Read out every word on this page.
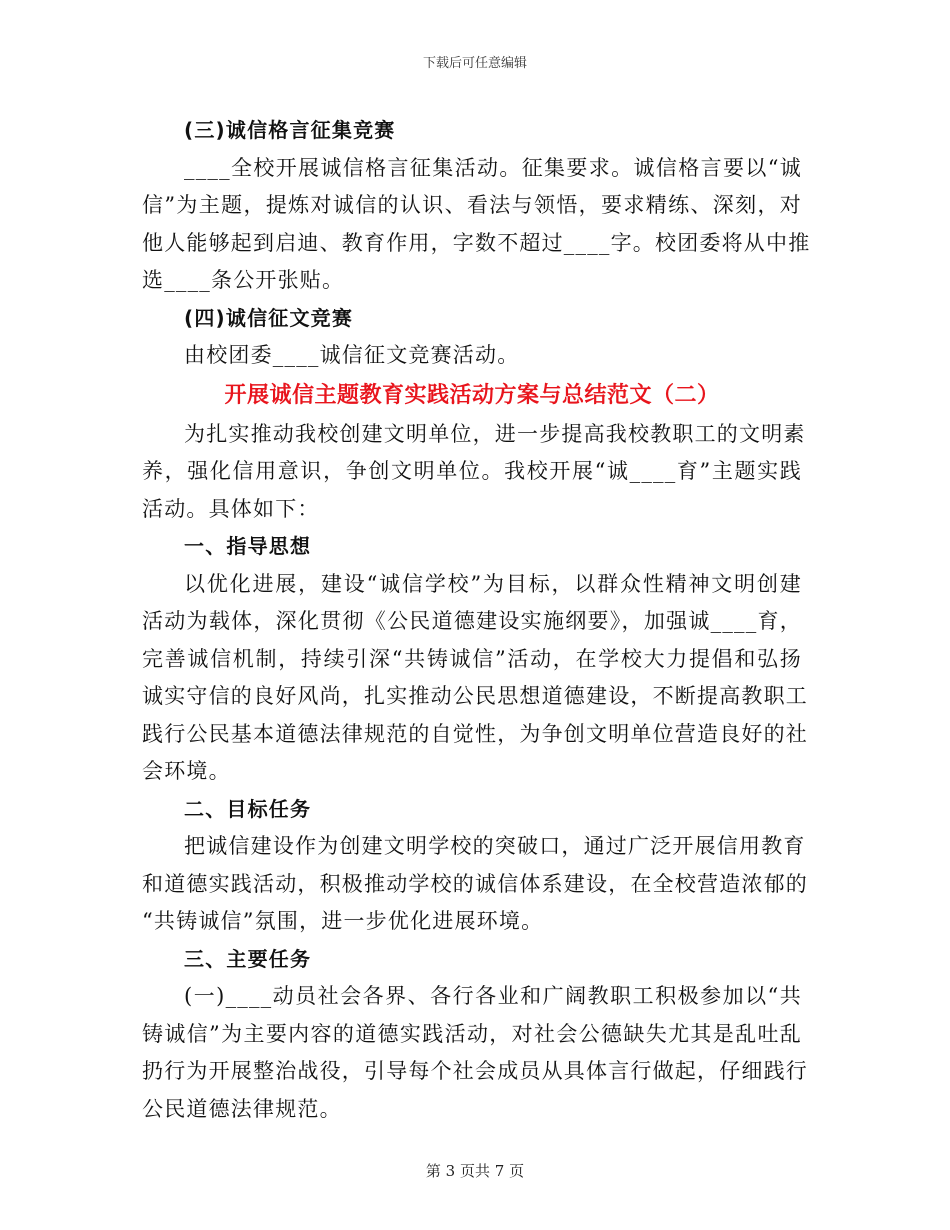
下载后可任意编辑
(三)诚信格言征集竞赛
____全校开展诚信格言征集活动。征集要求。诚信格言要以“诚
信”为主题，提炼对诚信的认识、看法与领悟，要求精练、深刻，对
他人能够起到启迪、教育作用，字数不超过____字。校团委将从中推
选____条公开张贴。
(四)诚信征文竞赛
由校团委____诚信征文竞赛活动。
开展诚信主题教育实践活动方案与总结范文（二）
为扎实推动我校创建文明单位，进一步提高我校教职工的文明素
养，强化信用意识，争创文明单位。我校开展“诚____育”主题实践
活动。具体如下：
一、指导思想
以优化进展，建设“诚信学校”为目标，以群众性精神文明创建
活动为载体，深化贯彻《公民道德建设实施纲要》，加强诚____育，
完善诚信机制，持续引深“共铸诚信”活动，在学校大力提倡和弘扬
诚实守信的良好风尚，扎实推动公民思想道德建设，不断提高教职工
践行公民基本道德法律规范的自觉性，为争创文明单位营造良好的社
会环境。
二、目标任务
把诚信建设作为创建文明学校的突破口，通过广泛开展信用教育
和道德实践活动，积极推动学校的诚信体系建设，在全校营造浓郁的
“共铸诚信”氛围，进一步优化进展环境。
三、主要任务
(一)____动员社会各界、各行各业和广阔教职工积极参加以“共
铸诚信”为主要内容的道德实践活动，对社会公德缺失尤其是乱吐乱
扔行为开展整治战役，引导每个社会成员从具体言行做起，仔细践行
公民道德法律规范。
第 3 页共 7 页
